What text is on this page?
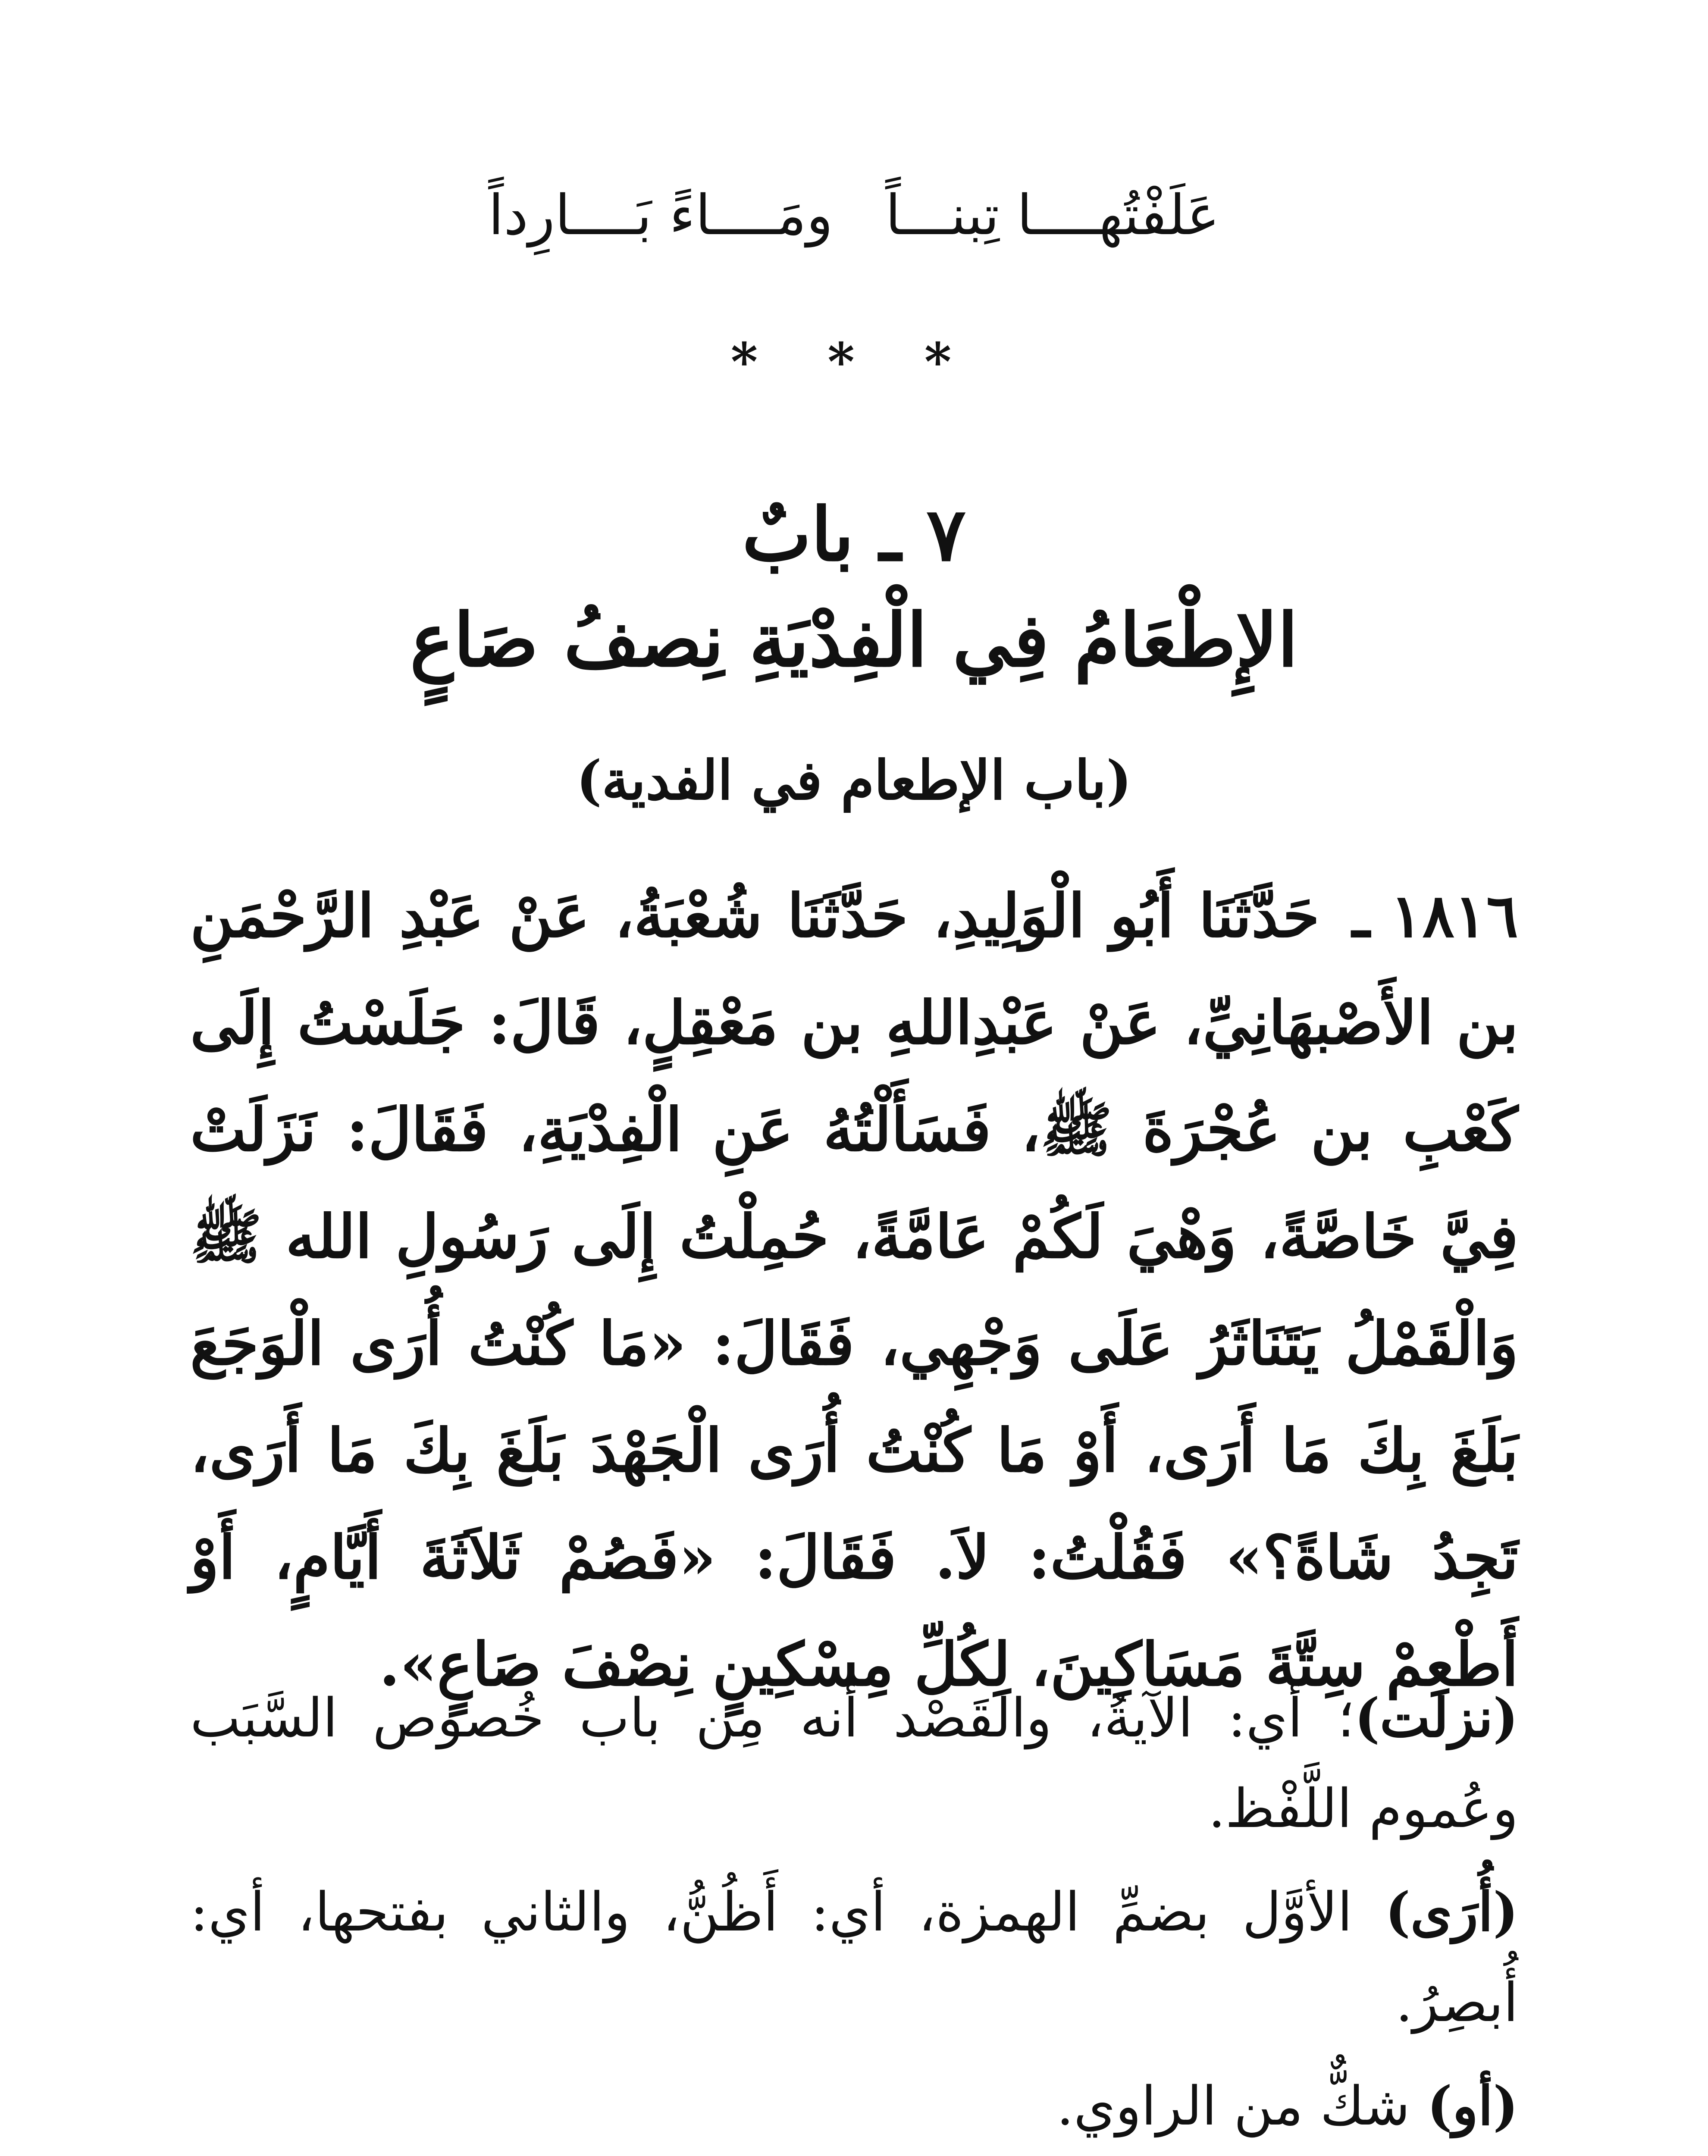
عَلَفْتُهــــا تِبنـــاً  ومَــــاءً بَــــارِداً
* * *
٧ ـ بابٌ
الإِطْعَامُ فِي الْفِدْيَةِ نِصفُ صَاعٍ
(باب الإطعام في الفدية)
١٨١٦ ـ حَدَّثَنَا أَبُو الْوَلِيدِ، حَدَّثَنَا شُعْبَةُ، عَنْ عَبْدِ الرَّحْمَنِ بن الأَصْبهَانِيِّ، عَنْ عَبْدِاللهِ بن مَعْقِلٍ، قَالَ: جَلَسْتُ إِلَى كَعْبِ بن عُجْرَةَ ﷺ، فَسَأَلْتُهُ عَنِ الْفِدْيَةِ، فَقَالَ: نَزَلَتْ فِيَّ خَاصَّةً، وَهْيَ لَكُمْ عَامَّةً، حُمِلْتُ إِلَى رَسُولِ الله ﷺ وَالْقَمْلُ يَتَنَاثَرُ عَلَى وَجْهِي، فَقَالَ: «مَا كُنْتُ أُرَى الْوَجَعَ بَلَغَ بِكَ مَا أَرَى، أَوْ مَا كُنْتُ أُرَى الْجَهْدَ بَلَغَ بِكَ مَا أَرَى، تَجِدُ شَاةً؟» فَقُلْتُ: لاَ. فَقَالَ: «فَصُمْ ثَلاَثَةَ أَيَّامٍ، أَوْ أَطْعِمْ سِتَّةَ مَسَاكِينَ، لِكُلِّ مِسْكِينٍ نِصْفَ صَاعٍ».

(نزلت)؛ أي: الآيةُ، والقَصْد أنه مِن باب خُصوص السَّبَب وعُموم اللَّفْظ.

(أُرَى) الأوَّل بضمِّ الهمزة، أي: أَظُنُّ، والثاني بفتحها، أي: أُبصِرُ.

(أو) شكٌّ من الراوي.
